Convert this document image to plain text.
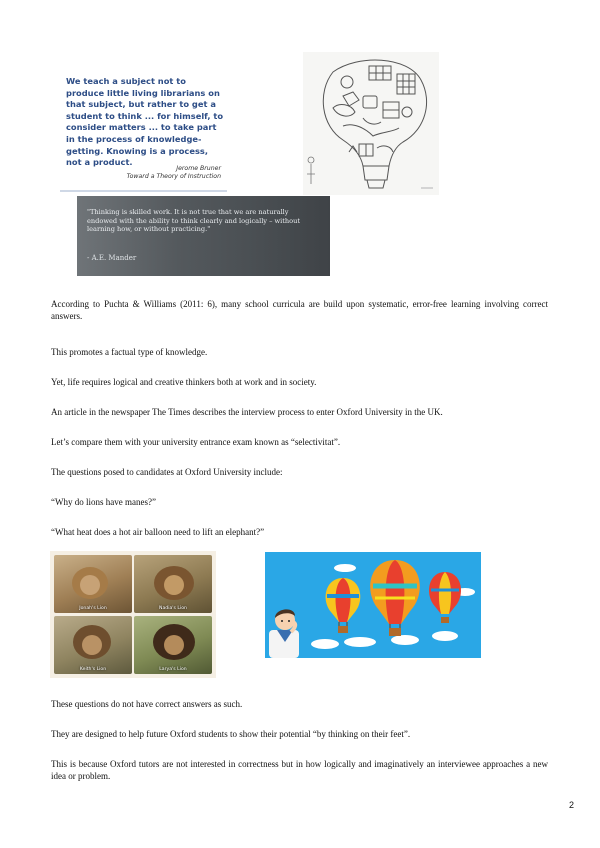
We teach a subject not to produce little living librarians on that subject, but rather to get a student to think ... for himself, to consider matters ... to take part in the process of knowledge-getting. Knowing is a process, not a product.
Jerome Bruner
Toward a Theory of Instruction
"Thinking is skilled work. It is not true that we are naturally endowed with the ability to think clearly and logically – without learning how, or without practicing."
- A.E. Mander

According to Puchta & Williams (2011: 6), many school curricula are build upon systematic, error-free learning involving correct answers.

This promotes a factual type of knowledge.

Yet, life requires logical and creative thinkers both at work and in society.

An article in the newspaper The Times describes the interview process to enter Oxford University in the UK.

Let’s compare them with your university entrance exam known as “selectivitat”.

The questions posed to candidates at Oxford University include:

“Why do lions have manes?”

“What heat does a hot air balloon need to lift an elephant?”

Jonah's Lion	Nadia's Lion
Keith's Lion	Larya's Lion

These questions do not have correct answers as such.

They are designed to help future Oxford students to show their potential “by thinking on their feet”.

This is because Oxford tutors are not interested in correctness but in how logically and imaginatively an interviewee approaches a new idea or problem.

2
